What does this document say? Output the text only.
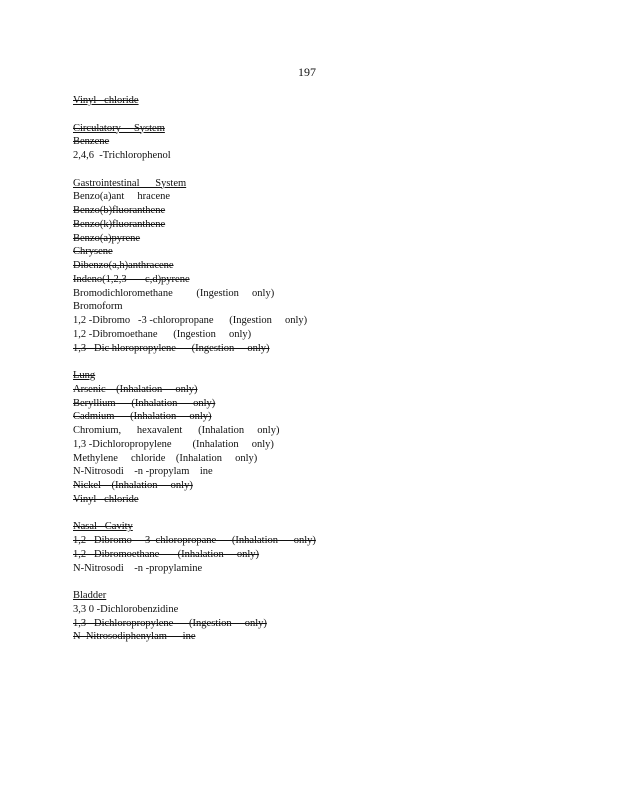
197
Vinyl   chloride
Circulatory     System
Benzene
2,4,6  -Trichlorophenol
Gastrointestinal      System
Benzo(a)ant     hracene
Benzo(b)fluoranthene
Benzo(k)fluoranthene
Benzo(a)pyrene
Chrysene
Dibenzo(a,h)anthracene
Indeno(1,2,3       c,d)pyrene
Bromodichloromethane         (Ingestion     only)
Bromoform
1,2 -Dibromo   -3 -chloropropane      (Ingestion     only)
1,2 -Dibromoethane      (Ingestion     only)
1,3   Dic hloropropylene      (Ingestion     only)
Lung
Arsenic    (Inhalation     only)
Beryllium      (Inhalation      only)
Cadmium      (Inhalation     only)
Chromium,      hexavalent      (Inhalation     only)
1,3 -Dichloropropylene        (Inhalation     only)
Methylene     chloride    (Inhalation     only)
N-Nitrosodi    -n -propylam    ine
Nickel    (Inhalation     only)
Vinyl   chloride
Nasal   Cavity
1,2   Dibromo     3  chloropropane      (Inhalation      only)
1,2   Dibromoethane       (Inhalation     only)
N-Nitrosodi    -n -propylamine
Bladder
3,3 0 -Dichlorobenzidine
1,3   Dichloropropylene      (Ingestion     only)
N  Nitrosodiphenylam      ine
